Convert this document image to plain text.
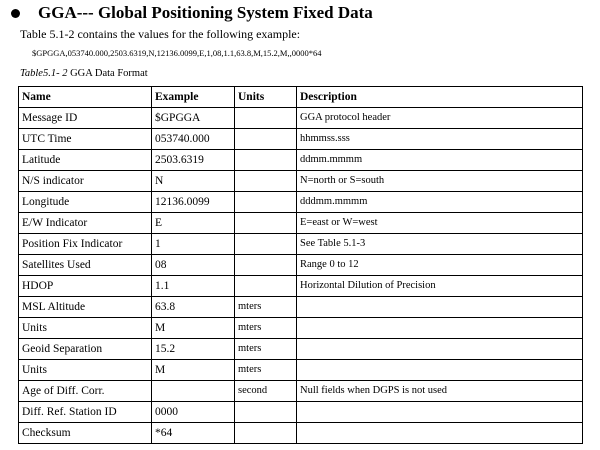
GGA--- Global Positioning System Fixed Data
Table 5.1-2 contains the values for the following example:
$GPGGA,053740.000,2503.6319,N,12136.0099,E,1,08,1.1,63.8,M,15.2,M,,0000*64
Table5.1- 2 GGA Data Format
Name	Example	Units	Description
Message ID	$GPGGA		GGA protocol header
UTC Time	053740.000		hhmmss.sss
Latitude	2503.6319		ddmm.mmmm
N/S indicator	N		N=north or S=south
Longitude	12136.0099		dddmm.mmmm
E/W Indicator	E		E=east or W=west
Position Fix Indicator	1		See Table 5.1-3
Satellites Used	08		Range 0 to 12
HDOP	1.1		Horizontal Dilution of Precision
MSL Altitude	63.8	mters	
Units	M	mters	
Geoid Separation	15.2	mters	
Units	M	mters	
Age of Diff. Corr.		second	Null fields when DGPS is not used
Diff. Ref. Station ID	0000		
Checksum	*64		
